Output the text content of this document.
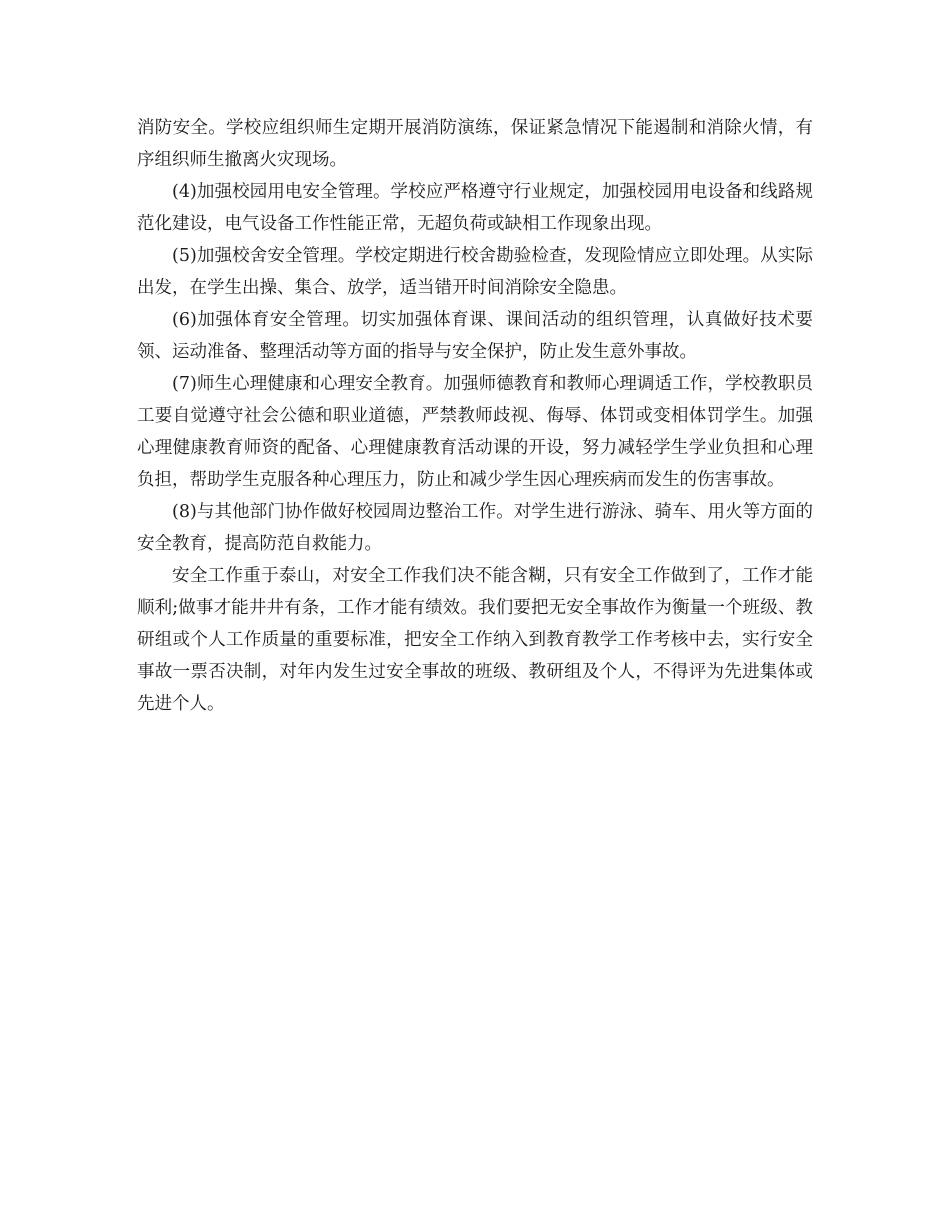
消防安全。学校应组织师生定期开展消防演练，保证紧急情况下能遏制和消除火情，有序组织师生撤离火灾现场。

(4)加强校园用电安全管理。学校应严格遵守行业规定，加强校园用电设备和线路规范化建设，电气设备工作性能正常，无超负荷或缺相工作现象出现。

(5)加强校舍安全管理。学校定期进行校舍勘验检查，发现险情应立即处理。从实际出发，在学生出操、集合、放学，适当错开时间消除安全隐患。

(6)加强体育安全管理。切实加强体育课、课间活动的组织管理，认真做好技术要领、运动准备、整理活动等方面的指导与安全保护，防止发生意外事故。

(7)师生心理健康和心理安全教育。加强师德教育和教师心理调适工作，学校教职员工要自觉遵守社会公德和职业道德，严禁教师歧视、侮辱、体罚或变相体罚学生。加强心理健康教育师资的配备、心理健康教育活动课的开设，努力减轻学生学业负担和心理负担，帮助学生克服各种心理压力，防止和减少学生因心理疾病而发生的伤害事故。

(8)与其他部门协作做好校园周边整治工作。对学生进行游泳、骑车、用火等方面的安全教育，提高防范自救能力。

安全工作重于泰山，对安全工作我们决不能含糊，只有安全工作做到了，工作才能顺利;做事才能井井有条，工作才能有绩效。我们要把无安全事故作为衡量一个班级、教研组或个人工作质量的重要标准，把安全工作纳入到教育教学工作考核中去，实行安全事故一票否决制，对年内发生过安全事故的班级、教研组及个人，不得评为先进集体或先进个人。
